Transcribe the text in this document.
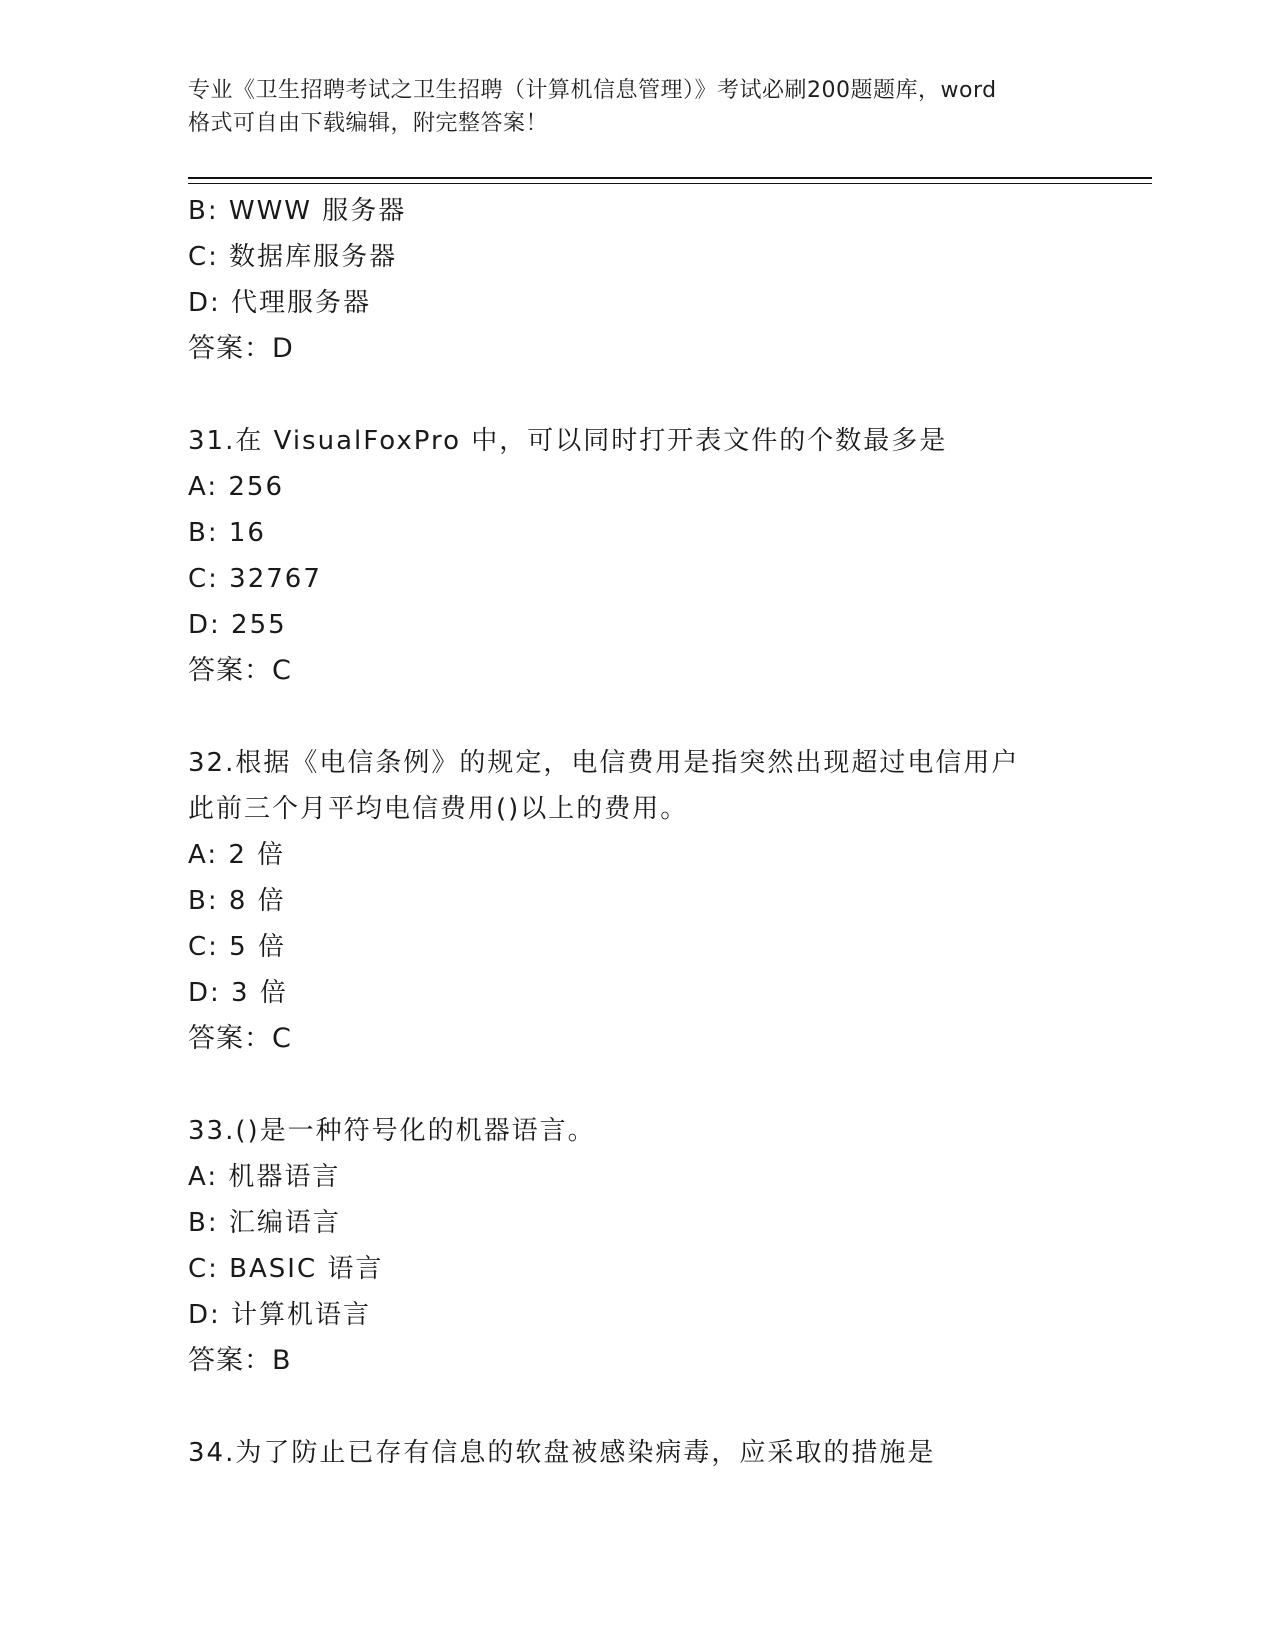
专业《卫生招聘考试之卫生招聘（计算机信息管理）》考试必刷200题题库，word
格式可自由下载编辑，附完整答案！
B: WWW 服务器
C: 数据库服务器
D: 代理服务器
答案：D
31.在 VisualFoxPro 中，可以同时打开表文件的个数最多是
A: 256
B: 16
C: 32767
D: 255
答案：C
32.根据《电信条例》的规定，电信费用是指突然出现超过电信用户此前三个月平均电信费用()以上的费用。
A: 2 倍
B: 8 倍
C: 5 倍
D: 3 倍
答案：C
33.()是一种符号化的机器语言。
A: 机器语言
B: 汇编语言
C: BASIC 语言
D: 计算机语言
答案：B
34.为了防止已存有信息的软盘被感染病毒，应采取的措施是
